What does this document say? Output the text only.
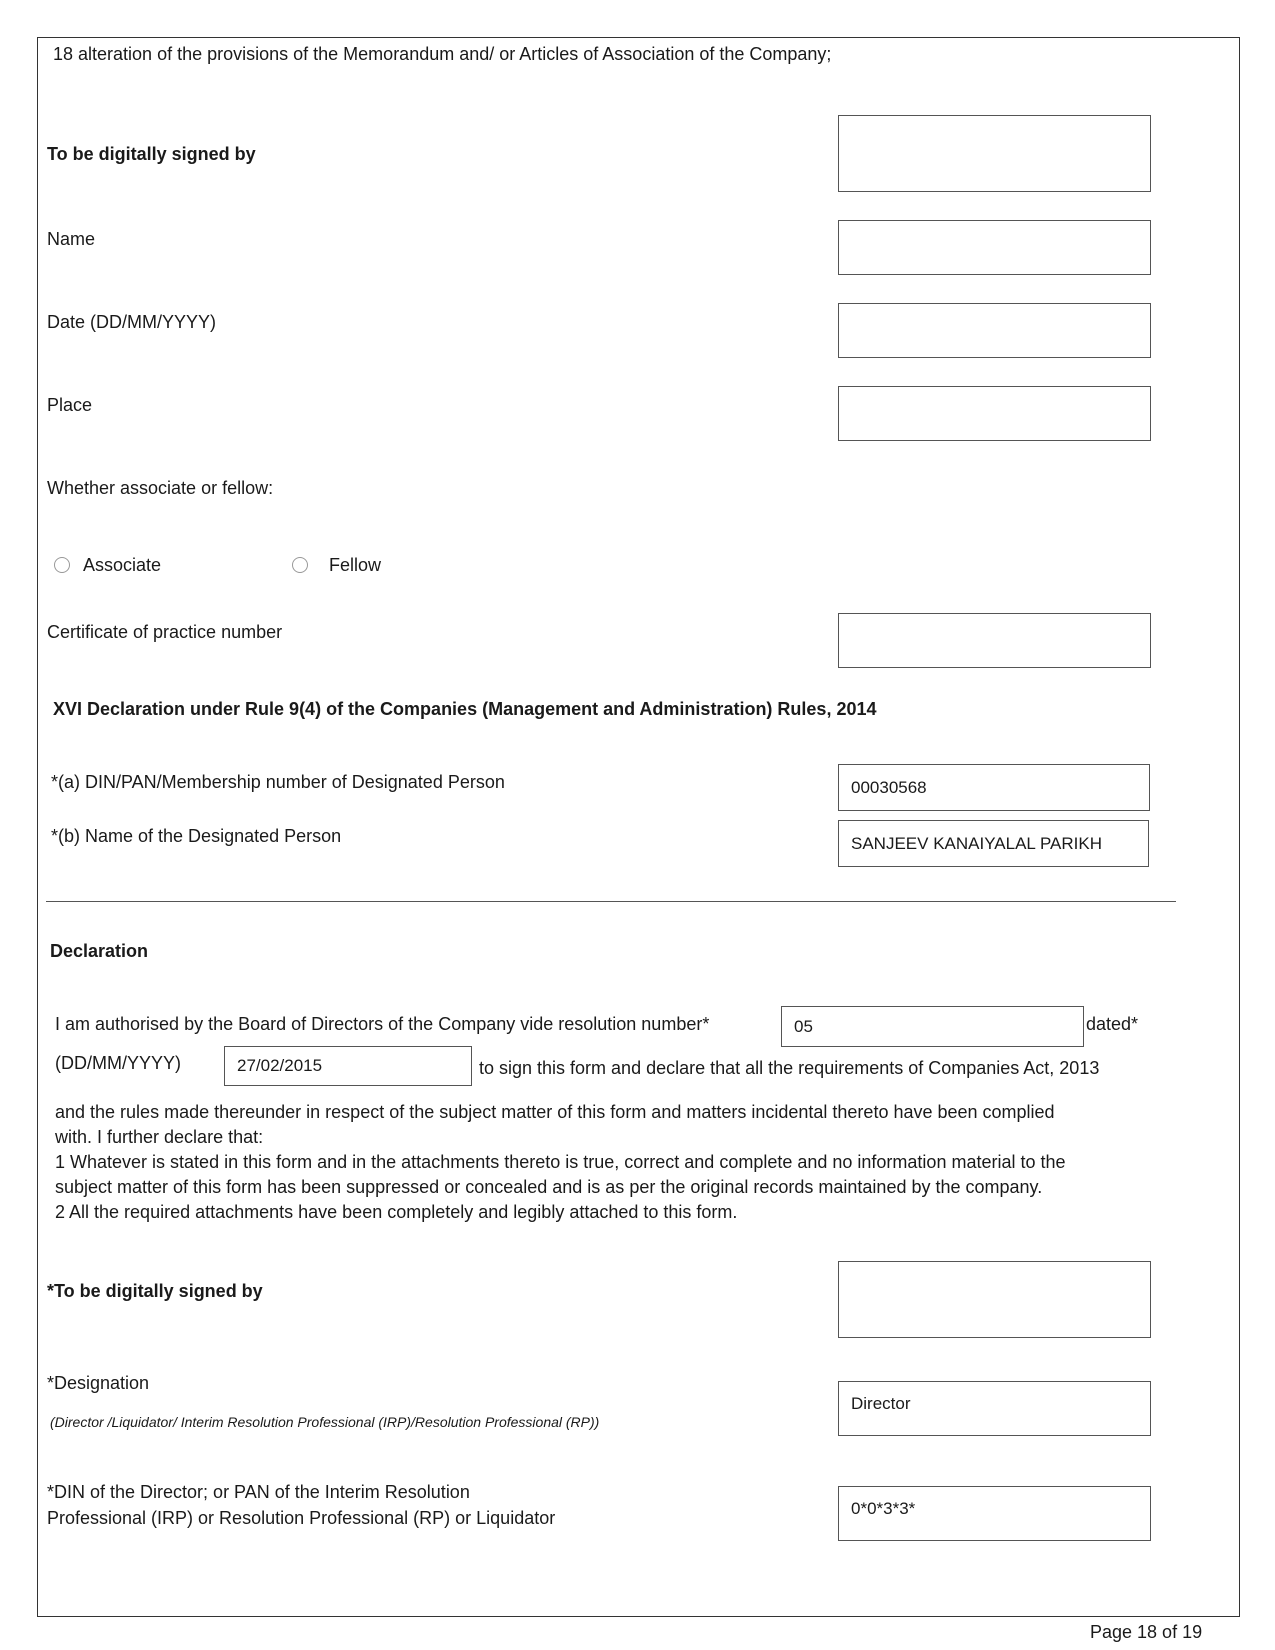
18 alteration of the provisions of the Memorandum and/ or Articles of Association of the Company;
To be digitally signed by
Name
Date (DD/MM/YYYY)
Place
Whether associate or fellow:
Associate	Fellow
Certificate of practice number
XVI Declaration under Rule 9(4) of the Companies (Management and Administration) Rules, 2014
*(a) DIN/PAN/Membership number of Designated Person	00030568
*(b) Name of the Designated Person	SANJEEV KANAIYALAL PARIKH
Declaration
I am authorised by the Board of Directors of the Company vide resolution number*	05	dated*
(DD/MM/YYYY)	27/02/2015	to sign this form and declare that all the requirements of Companies Act, 2013
and the rules made thereunder in respect of the subject matter of this form and matters incidental thereto have been complied
with. I further declare that:
1 Whatever is stated in this form and in the attachments thereto is true, correct and complete and no information material to the
subject matter of this form has been suppressed or concealed and is as per the original records maintained by the company.
2 All the required attachments have been completely and legibly attached to this form.
*To be digitally signed by
*Designation
(Director /Liquidator/ Interim Resolution Professional (IRP)/Resolution Professional (RP))
Director
*DIN of the Director; or PAN of the Interim Resolution
Professional (IRP) or Resolution Professional (RP) or Liquidator	0*0*3*3*
Page 18 of 19
